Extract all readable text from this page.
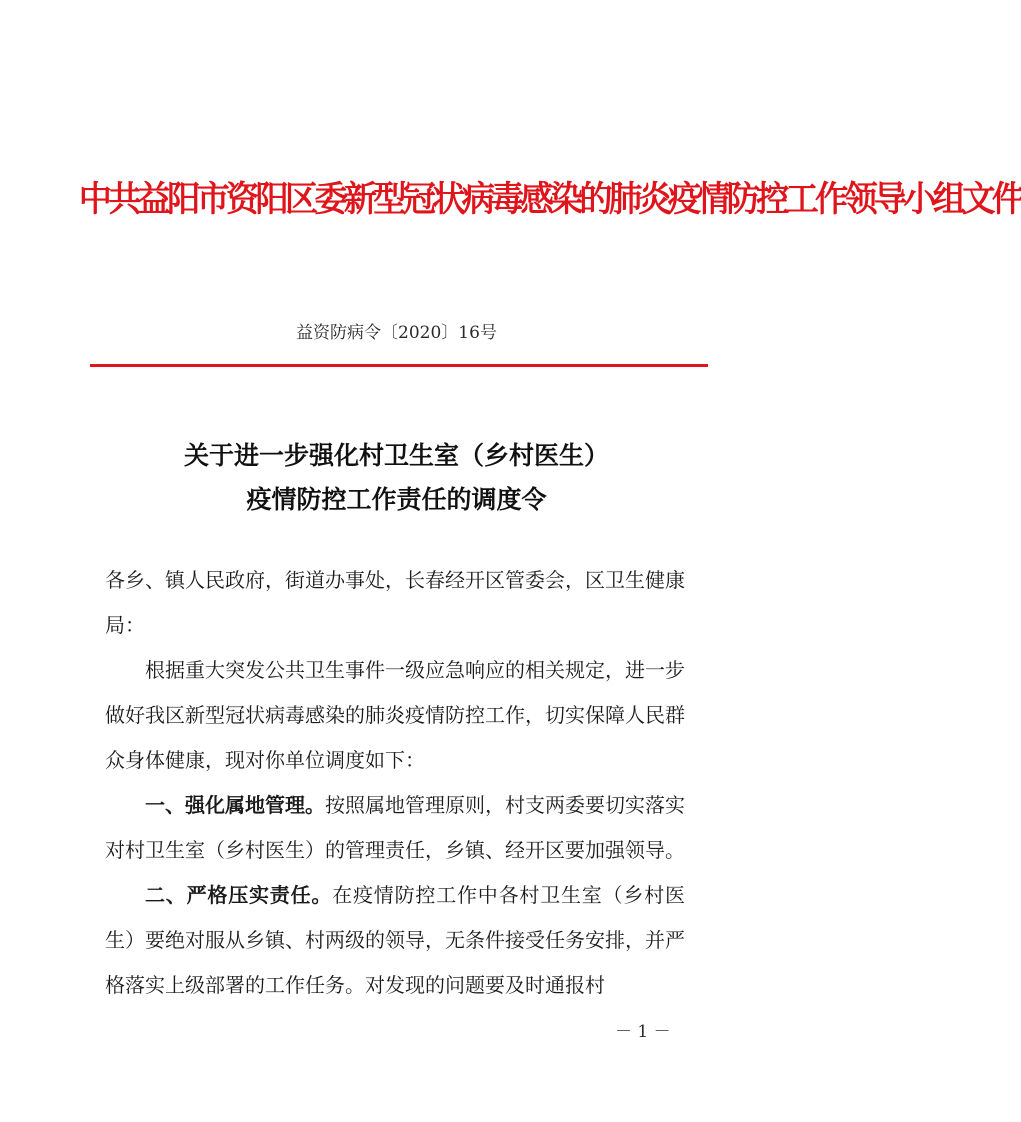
中共益阳市资阳区委新型冠状病毒感染的肺炎疫情防控工作领导小组文件
益资防病令〔2020〕16号
关于进一步强化村卫生室（乡村医生）
疫情防控工作责任的调度令

各乡、镇人民政府，街道办事处，长春经开区管委会，区卫生健康局：

根据重大突发公共卫生事件一级应急响应的相关规定，进一步做好我区新型冠状病毒感染的肺炎疫情防控工作，切实保障人民群众身体健康，现对你单位调度如下：

一、强化属地管理。按照属地管理原则，村支两委要切实落实对村卫生室（乡村医生）的管理责任，乡镇、经开区要加强领导。

二、严格压实责任。在疫情防控工作中各村卫生室（乡村医生）要绝对服从乡镇、村两级的领导，无条件接受任务安排，并严格落实上级部署的工作任务。对发现的问题要及时通报村

－ 1 －
